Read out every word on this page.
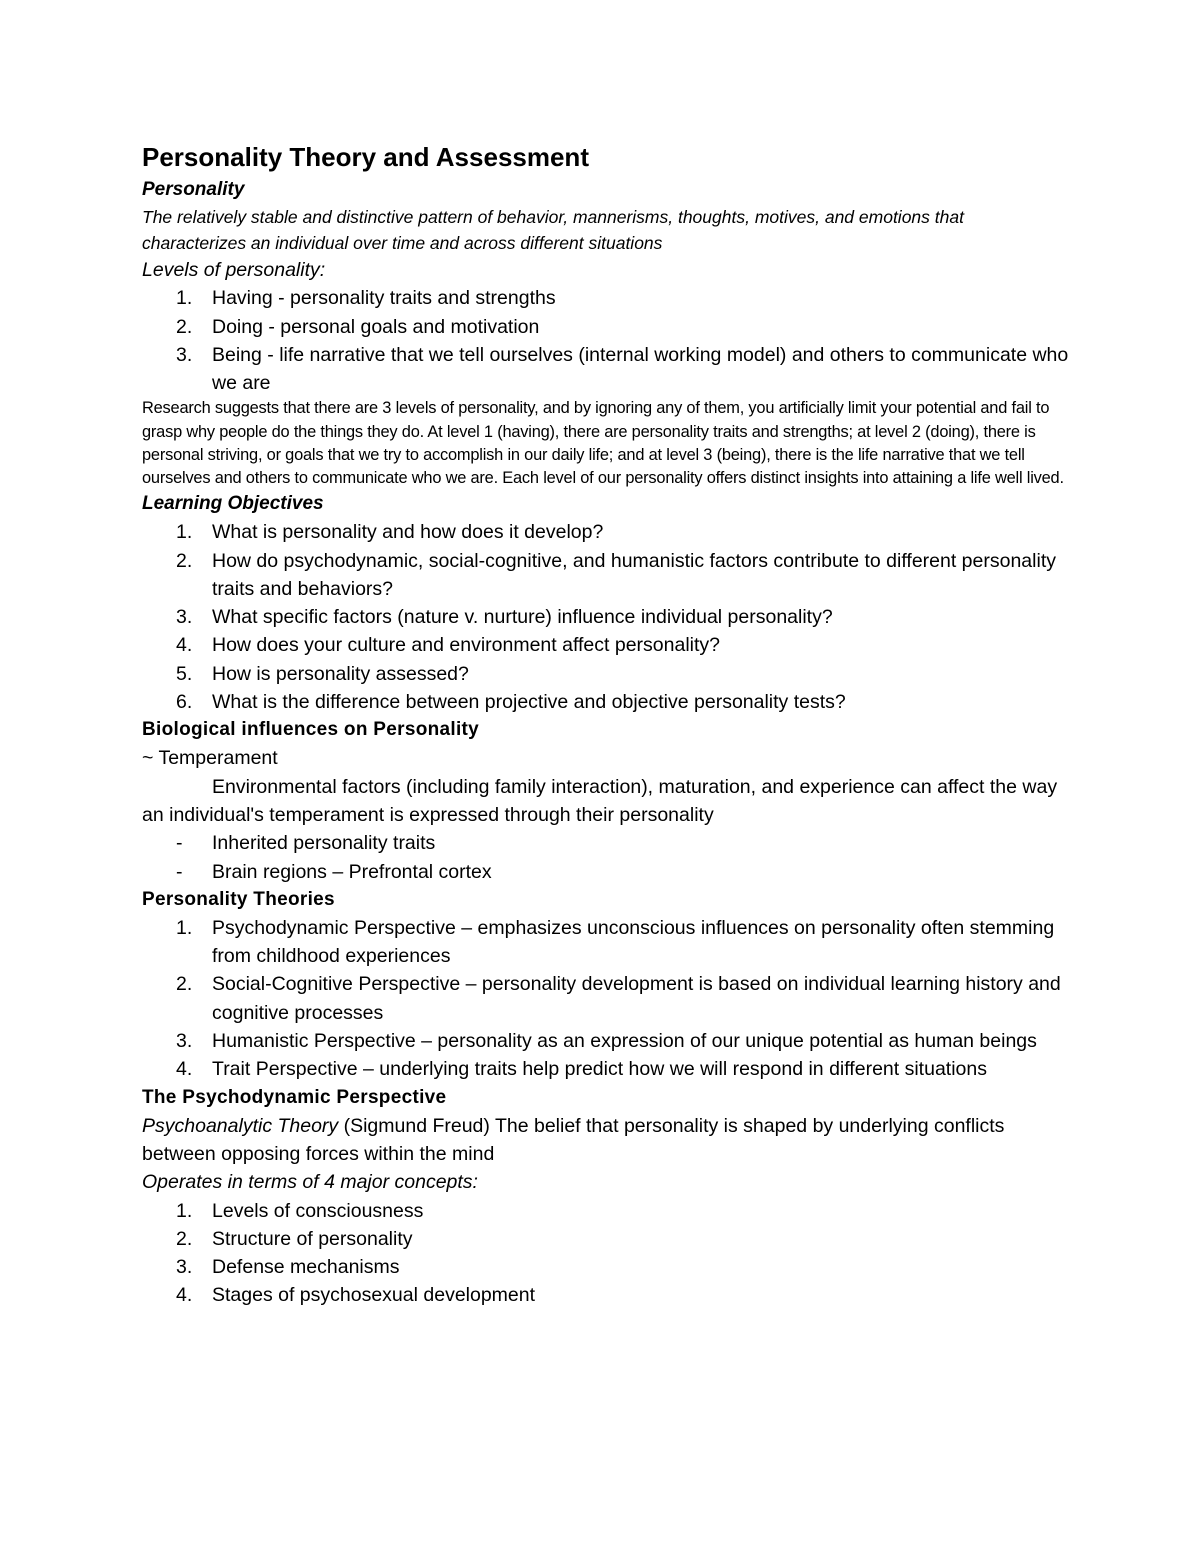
Personality Theory and Assessment
Personality

The relatively stable and distinctive pattern of behavior, mannerisms, thoughts, motives, and emotions that characterizes an individual over time and across different situations

Levels of personality:

1. Having - personality traits and strengths
2. Doing - personal goals and motivation
3. Being - life narrative that we tell ourselves (internal working model) and others to communicate who we are

Research suggests that there are 3 levels of personality, and by ignoring any of them, you artificially limit your potential and fail to grasp why people do the things they do. At level 1 (having), there are personality traits and strengths; at level 2 (doing), there is personal striving, or goals that we try to accomplish in our daily life; and at level 3 (being), there is the life narrative that we tell ourselves and others to communicate who we are. Each level of our personality offers distinct insights into attaining a life well lived.

Learning Objectives
1. What is personality and how does it develop?
2. How do psychodynamic, social-cognitive, and humanistic factors contribute to different personality traits and behaviors?
3. What specific factors (nature v. nurture) influence individual personality?
4. How does your culture and environment affect personality?
5. How is personality assessed?
6. What is the difference between projective and objective personality tests?
Biological influences on Personality

~ Temperament

Environmental factors (including family interaction), maturation, and experience can affect the way an individual's temperament is expressed through their personality

- Inherited personality traits
- Brain regions – Prefrontal cortex
Personality Theories
1. Psychodynamic Perspective – emphasizes unconscious influences on personality often stemming from childhood experiences
2. Social-Cognitive Perspective – personality development is based on individual learning history and cognitive processes
3. Humanistic Perspective – personality as an expression of our unique potential as human beings
4. Trait Perspective – underlying traits help predict how we will respond in different situations
The Psychodynamic Perspective

Psychoanalytic Theory (Sigmund Freud) The belief that personality is shaped by underlying conflicts between opposing forces within the mind

Operates in terms of 4 major concepts:

1. Levels of consciousness
2. Structure of personality
3. Defense mechanisms
4. Stages of psychosexual development
